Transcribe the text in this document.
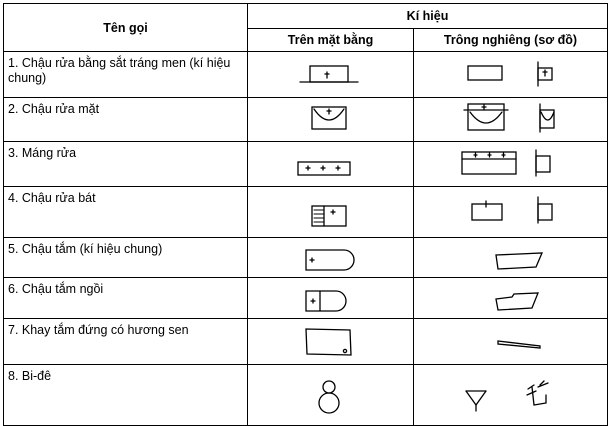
Tên gọi	Kí hiệu	
	Trên mặt bằng	Trông nghiêng (sơ đồ)
1. Chậu rửa bằng sắt tráng men (kí hiệu chung)	

2. Chậu rửa mặt	

3. Máng rửa	

4. Chậu rửa bát	

5. Chậu tắm (kí hiệu chung)	

6. Chậu tắm ngồi	

7. Khay tắm đứng có hương sen	

8. Bi-đê	
